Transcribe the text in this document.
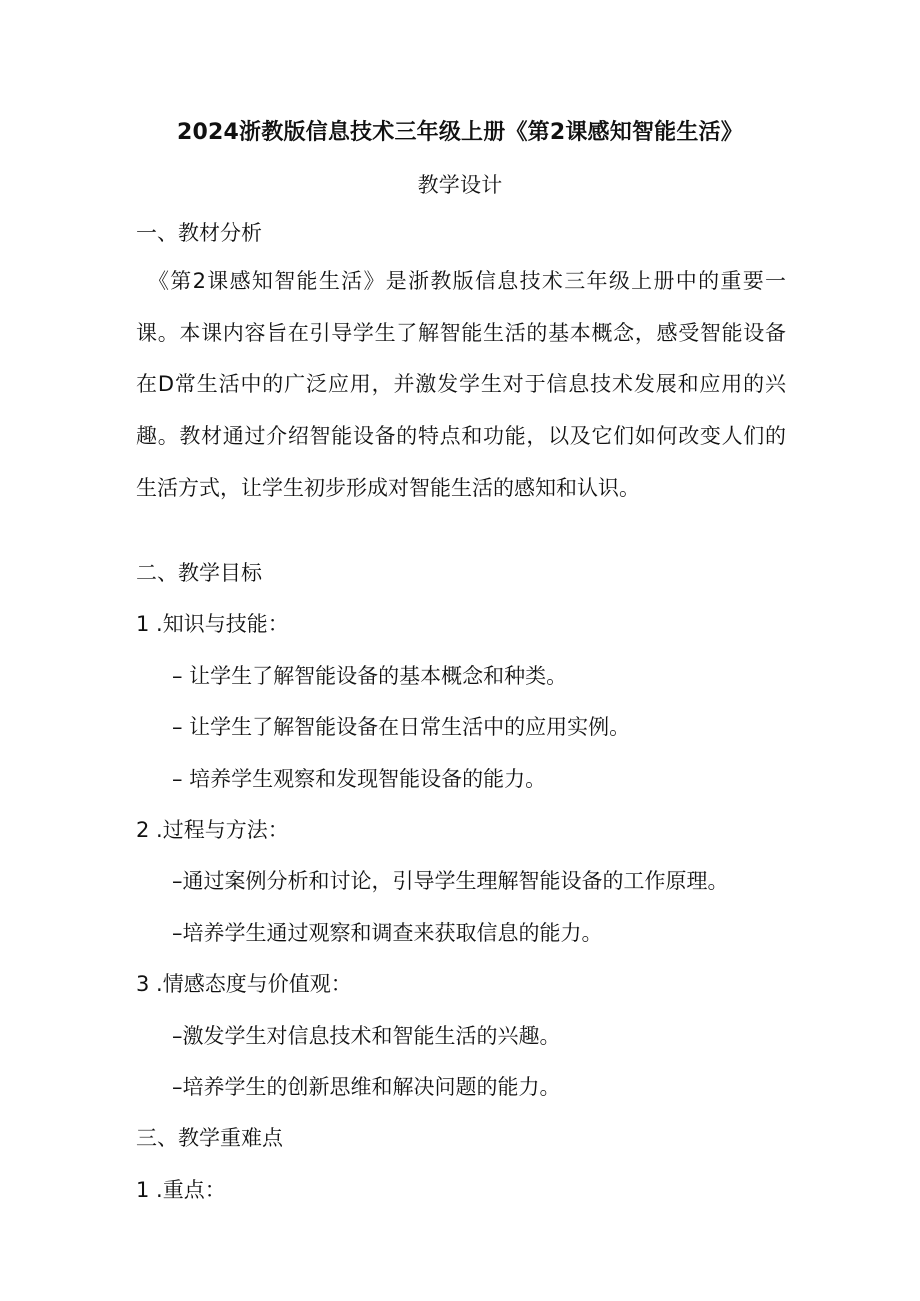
2024浙教版信息技术三年级上册《第2课感知智能生活》
教学设计
一、教材分析
《第2课感知智能生活》是浙教版信息技术三年级上册中的重要一课。本课内容旨在引导学生了解智能生活的基本概念，感受智能设备在D常生活中的广泛应用，并激发学生对于信息技术发展和应用的兴趣。教材通过介绍智能设备的特点和功能，以及它们如何改变人们的生活方式，让学生初步形成对智能生活的感知和认识。
二、教学目标
1 .知识与技能：
– 让学生了解智能设备的基本概念和种类。
– 让学生了解智能设备在日常生活中的应用实例。
– 培养学生观察和发现智能设备的能力。
2 .过程与方法：
–通过案例分析和讨论，引导学生理解智能设备的工作原理。
–培养学生通过观察和调查来获取信息的能力。
3 .情感态度与价值观：
–激发学生对信息技术和智能生活的兴趣。
–培养学生的创新思维和解决问题的能力。
三、教学重难点
1 .重点：
